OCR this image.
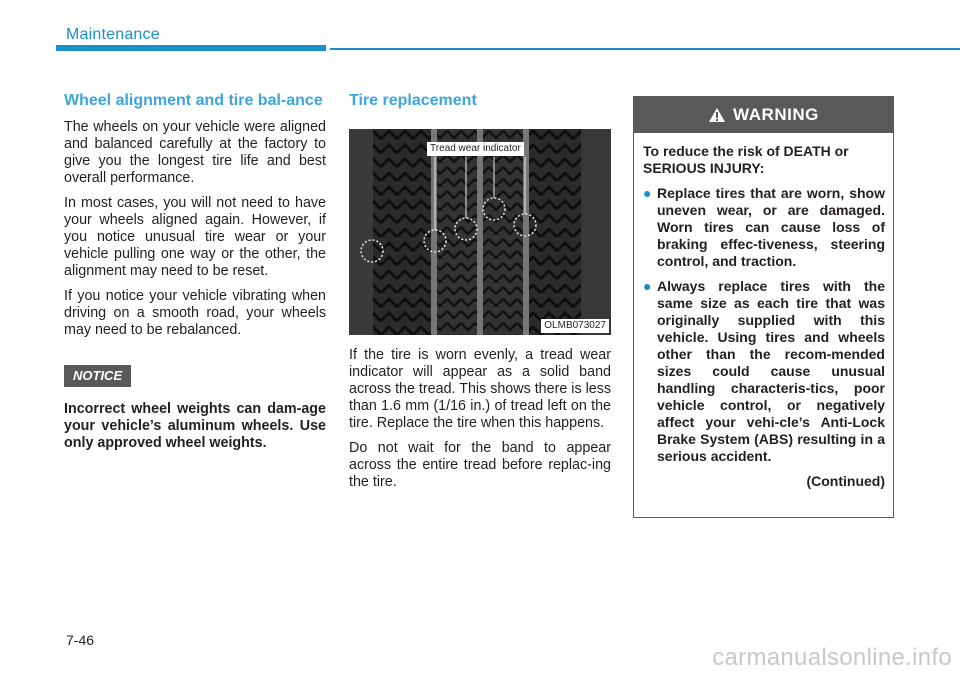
Maintenance
Wheel alignment and tire bal-ance

The wheels on your vehicle were aligned and balanced carefully at the factory to give you the longest tire life and best overall performance.

In most cases, you will not need to have your wheels aligned again. However, if you notice unusual tire wear or your vehicle pulling one way or the other, the alignment may need to be reset.

If you notice your vehicle vibrating when driving on a smooth road, your wheels may need to be rebalanced.

NOTICE

Incorrect wheel weights can dam-age your vehicle’s aluminum wheels. Use only approved wheel weights.

Tire replacement
Tread wear indicator
OLMB073027

If the tire is worn evenly, a tread wear indicator will appear as a solid band across the tread. This shows there is less than 1.6 mm (1/16 in.) of tread left on the tire. Replace the tire when this happens.

Do not wait for the band to appear across the entire tread before replac-ing the tire.

WARNING

To reduce the risk of DEATH or SERIOUS INJURY:

● Replace tires that are worn, show uneven wear, or are damaged. Worn tires can cause loss of braking effec-tiveness, steering control, and traction.
● Always replace tires with the same size as each tire that was originally supplied with this vehicle. Using tires and wheels other than the recom-mended sizes could cause unusual handling characteris-tics, poor vehicle control, or negatively affect your vehi-cle’s Anti-Lock Brake System (ABS) resulting in a serious accident.
(Continued)
7-46
carmanualsonline.info
